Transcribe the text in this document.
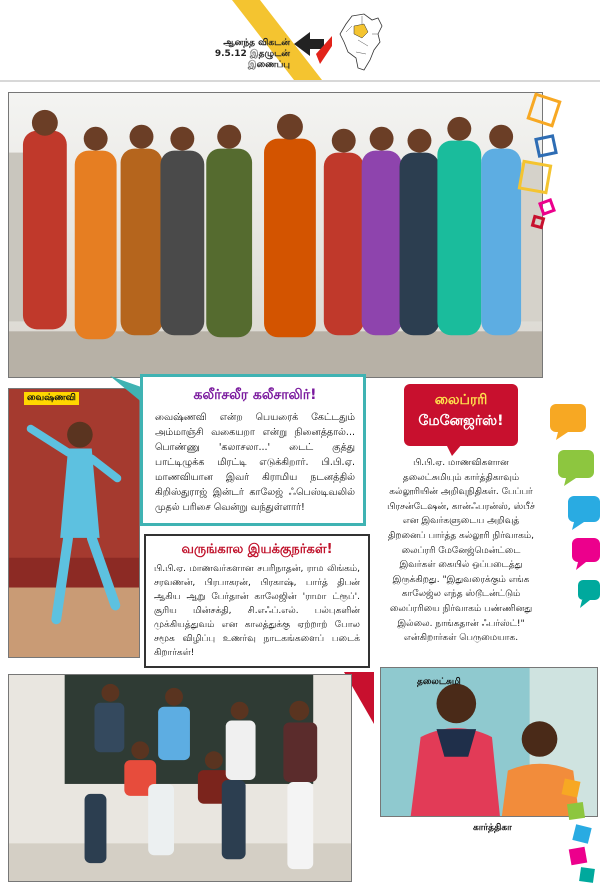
ஆனந்த விகடன்
9.5.12 இதழுடன்
இணைப்பு
வைஷ்ணவி	கலீர்சலீர கலீசாலிர்!
வைஷ்ணவி என்ற பெயரைக் கேட்டதும் அம்மாஞ்சி வகையறா என்று நினைத்தால்... பொண்ணு 'கலாசலா...' டைட் குத்து பாட்டிழுக்க மிரட்டி எடுக்கிறார். பி.பி.ஏ. மாணவியான இவர் கிராமிய நடனத்தில் கிறிஸ்துராஜ் இன்டர் காலேஜ் ஃபெஸ்டிவலில் முதல் பரிசை வென்று வந்துள்ளார்!
வருங்கால இயக்குநர்கள்!
பி.பி.ஏ. மாணவர்களான சபரிநாதன், ராம லிங்கம், சரவணன், பிரபாகரன், பிரகாஷ், பார்த் திபன் ஆகிய ஆறு பேர்தான் காலேஜின் 'ராமா ட்ரூப்'. சூரிய மின்சக்தி, சி.எஃப்.எல். பல்புகளின் முக்கியத்துவம் என காலத்துக்கு ஏற்றாற் போல சமூக விழிப்பு உணர்வு நாடகங்களைப் படைக் கிறார்கள்!
லைப்ரரி
மேனேஜர்ஸ்!
பி.பி.ஏ. மாணவிகளான தலைட்சுமியும் கார்த்திகாவும் கல்லூரியின் அறிவுநிதிகள். பேப்பர் பிரசன்டேஷன், கான்ஃபரன்ஸ், ஸ்பீச் என இவர்களுடைய அறிவுத் திறனைப் பார்த்த கல்லூரி நிர்வாகம், லைப்ரரி மேனேஜ்மென்ட்டை இவர்கள் கையில் ஒப்படைத்து இருக்கிறது. "இதுவரைக்கும் எங்க காலேஜ்ல எந்த ஸ்டூடன்ட்டும் லைப்ரரியை நிர்வாகம் பண்ணினது இல்லை. நாங்கதான் ஃபர்ஸ்ட்!" என்கிறார்கள் பெருமையாக.
தலைட்சுமி
கார்த்திகா
